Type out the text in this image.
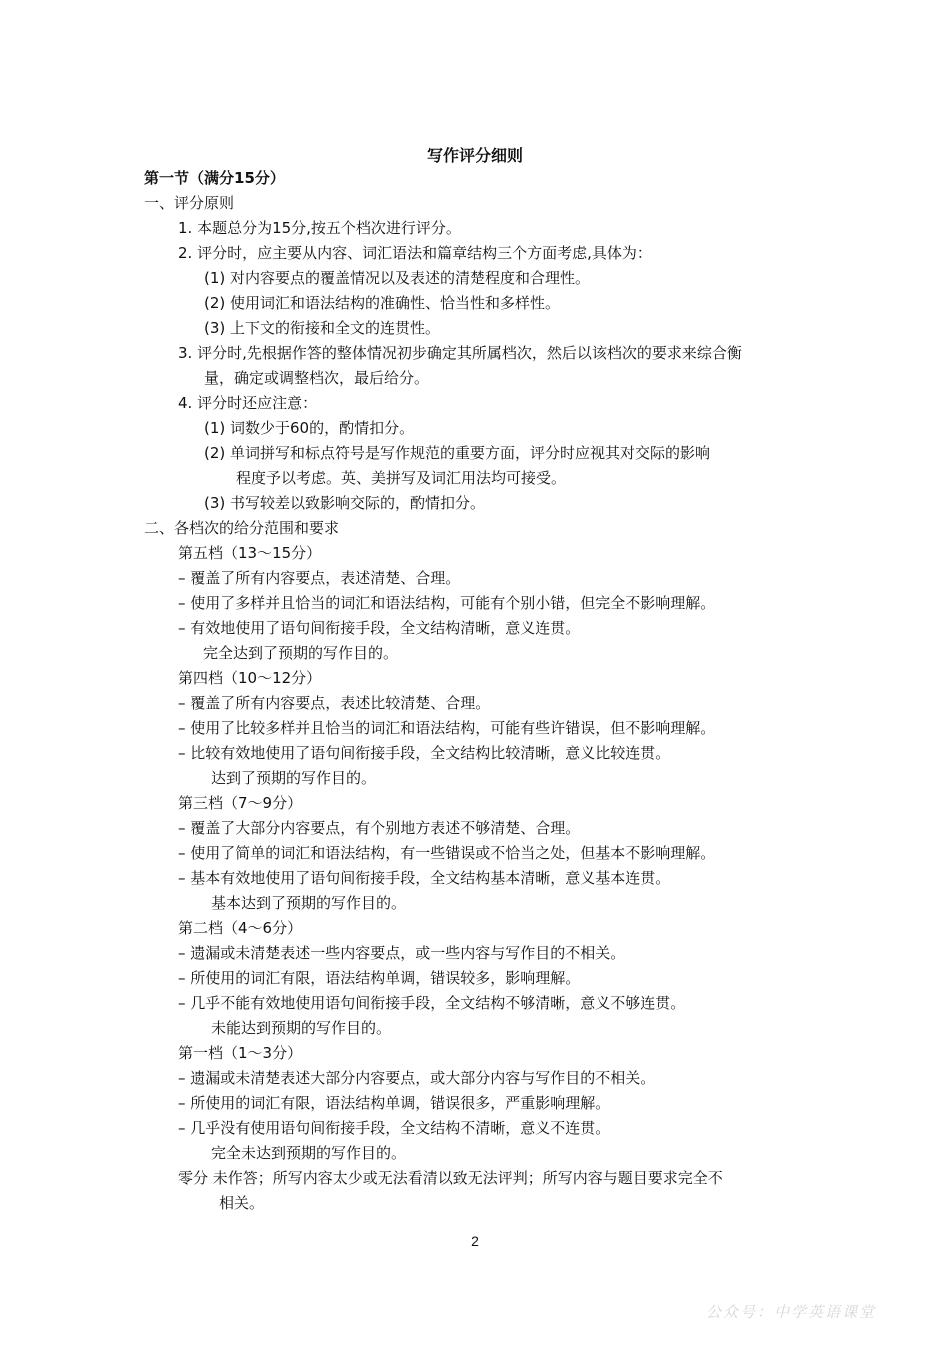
写作评分细则
第一节（满分15分）
一、评分原则
1. 本题总分为15分,按五个档次进行评分。
2. 评分时，应主要从内容、词汇语法和篇章结构三个方面考虑,具体为：
(1) 对内容要点的覆盖情况以及表述的清楚程度和合理性。
(2) 使用词汇和语法结构的准确性、恰当性和多样性。
(3) 上下文的衔接和全文的连贯性。
3. 评分时,先根据作答的整体情况初步确定其所属档次，然后以该档次的要求来综合衡
量，确定或调整档次，最后给分。
4. 评分时还应注意：
(1) 词数少于60的，酌情扣分。
(2) 单词拼写和标点符号是写作规范的重要方面，评分时应视其对交际的影响
程度予以考虑。英、美拼写及词汇用法均可接受。
(3) 书写较差以致影响交际的，酌情扣分。
二、各档次的给分范围和要求
第五档（13～15分）
– 覆盖了所有内容要点，表述清楚、合理。
– 使用了多样并且恰当的词汇和语法结构，可能有个别小错，但完全不影响理解。
– 有效地使用了语句间衔接手段，全文结构清晰，意义连贯。
完全达到了预期的写作目的。
第四档（10～12分）
– 覆盖了所有内容要点，表述比较清楚、合理。
– 使用了比较多样并且恰当的词汇和语法结构，可能有些许错误，但不影响理解。
– 比较有效地使用了语句间衔接手段，全文结构比较清晰，意义比较连贯。
达到了预期的写作目的。
第三档（7～9分）
– 覆盖了大部分内容要点，有个别地方表述不够清楚、合理。
– 使用了简单的词汇和语法结构，有一些错误或不恰当之处，但基本不影响理解。
– 基本有效地使用了语句间衔接手段，全文结构基本清晰，意义基本连贯。
基本达到了预期的写作目的。
第二档（4～6分）
– 遗漏或未清楚表述一些内容要点，或一些内容与写作目的不相关。
– 所使用的词汇有限，语法结构单调，错误较多，影响理解。
– 几乎不能有效地使用语句间衔接手段，全文结构不够清晰，意义不够连贯。
未能达到预期的写作目的。
第一档（1～3分）
– 遗漏或未清楚表述大部分内容要点，或大部分内容与写作目的不相关。
– 所使用的词汇有限，语法结构单调，错误很多，严重影响理解。
– 几乎没有使用语句间衔接手段，全文结构不清晰，意义不连贯。
完全未达到预期的写作目的。
零分 未作答；所写内容太少或无法看清以致无法评判；所写内容与题目要求完全不
相关。
2
公众号：中学英语课堂
